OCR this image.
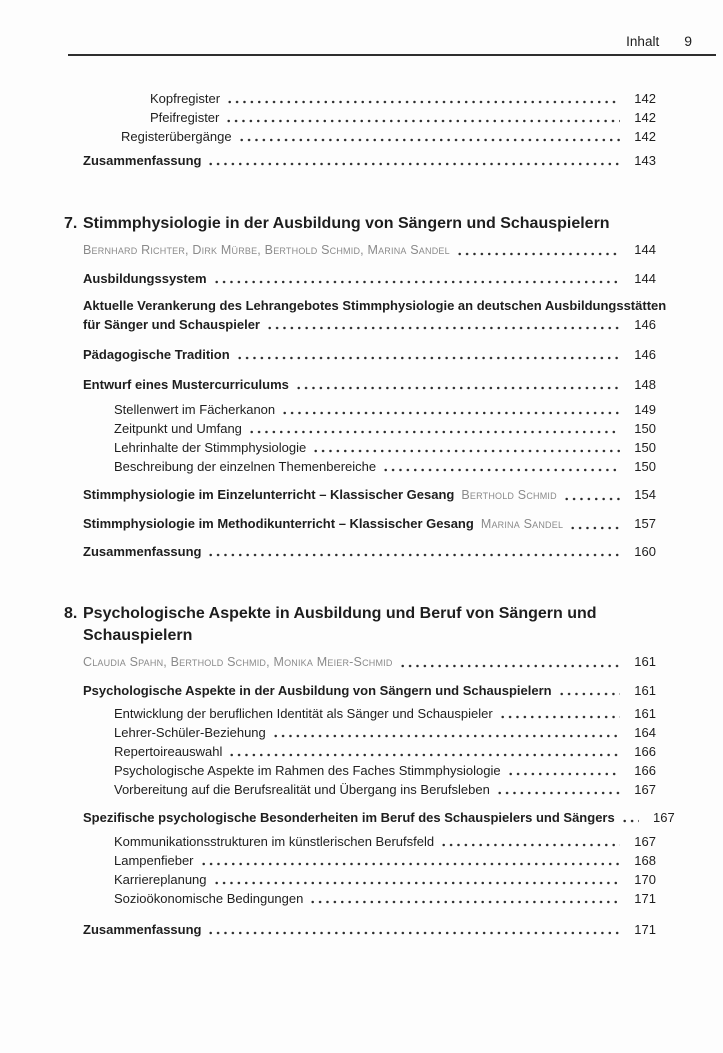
Inhalt 9
Kopfregister	142
Pfeifregister	142
Registerübergänge	142
Zusammenfassung	143
7. Stimmphysiologie in der Ausbildung von Sängern und Schauspielern
Bernhard Richter, Dirk Mürbe, Berthold Schmid, Marina Sandel	144
Ausbildungssystem	144
Aktuelle Verankerung des Lehrangebotes Stimmphysiologie an deutschen Ausbildungsstätten
für Sänger und Schauspieler	146
Pädagogische Tradition	146
Entwurf eines Mustercurriculums	148
Stellenwert im Fächerkanon	149
Zeitpunkt und Umfang	150
Lehrinhalte der Stimmphysiologie	150
Beschreibung der einzelnen Themenbereiche	150
Stimmphysiologie im Einzelunterricht – Klassischer Gesang Berthold Schmid	154
Stimmphysiologie im Methodikunterricht – Klassischer Gesang Marina Sandel	157
Zusammenfassung	160
8. Psychologische Aspekte in Ausbildung und Beruf von Sängern und Schauspielern
Claudia Spahn, Berthold Schmid, Monika Meier-Schmid	161
Psychologische Aspekte in der Ausbildung von Sängern und Schauspielern	161
Entwicklung der beruflichen Identität als Sänger und Schauspieler	161
Lehrer-Schüler-Beziehung	164
Repertoireauswahl	166
Psychologische Aspekte im Rahmen des Faches Stimmphysiologie	166
Vorbereitung auf die Berufsrealität und Übergang ins Berufsleben	167
Spezifische psychologische Besonderheiten im Beruf des Schauspielers und Sängers	167
Kommunikationsstrukturen im künstlerischen Berufsfeld	167
Lampenfieber	168
Karriereplanung	170
Sozioökonomische Bedingungen	171
Zusammenfassung	171
